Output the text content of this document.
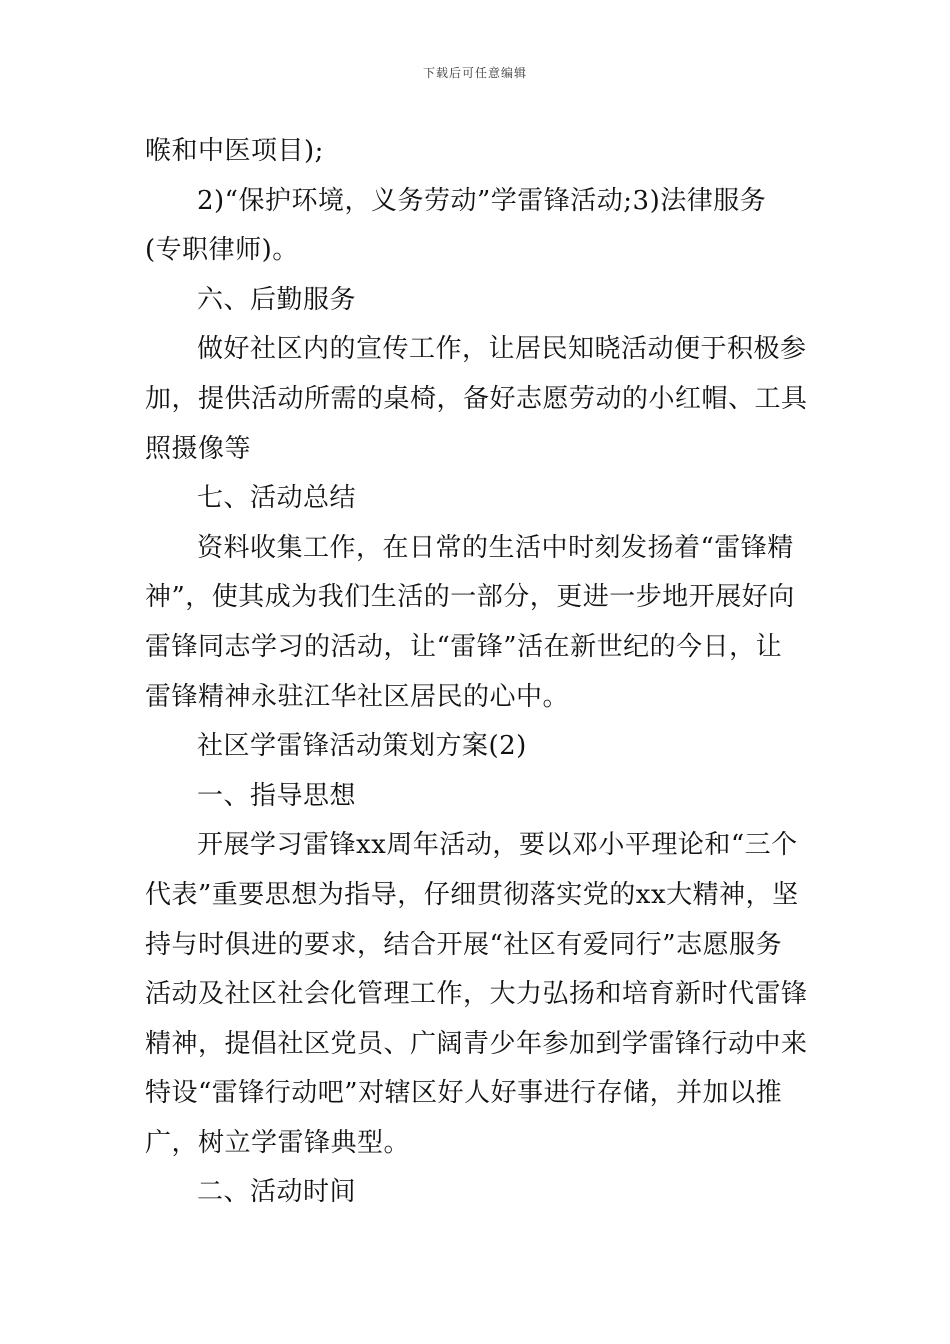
下载后可任意编辑
喉和中医项目);
2)“保护环境，义务劳动”学雷锋活动;3)法律服务
(专职律师)。
六、后勤服务
做好社区内的宣传工作，让居民知晓活动便于积极参
加，提供活动所需的桌椅，备好志愿劳动的小红帽、工具
照摄像等
七、活动总结
资料收集工作，在日常的生活中时刻发扬着“雷锋精
神”，使其成为我们生活的一部分，更进一步地开展好向
雷锋同志学习的活动，让“雷锋”活在新世纪的今日，让
雷锋精神永驻江华社区居民的心中。
社区学雷锋活动策划方案(2)
一、指导思想
开展学习雷锋xx周年活动，要以邓小平理论和“三个
代表”重要思想为指导，仔细贯彻落实党的xx大精神，坚
持与时俱进的要求，结合开展“社区有爱同行”志愿服务
活动及社区社会化管理工作，大力弘扬和培育新时代雷锋
精神，提倡社区党员、广阔青少年参加到学雷锋行动中来
特设“雷锋行动吧”对辖区好人好事进行存储，并加以推
广，树立学雷锋典型。
二、活动时间
